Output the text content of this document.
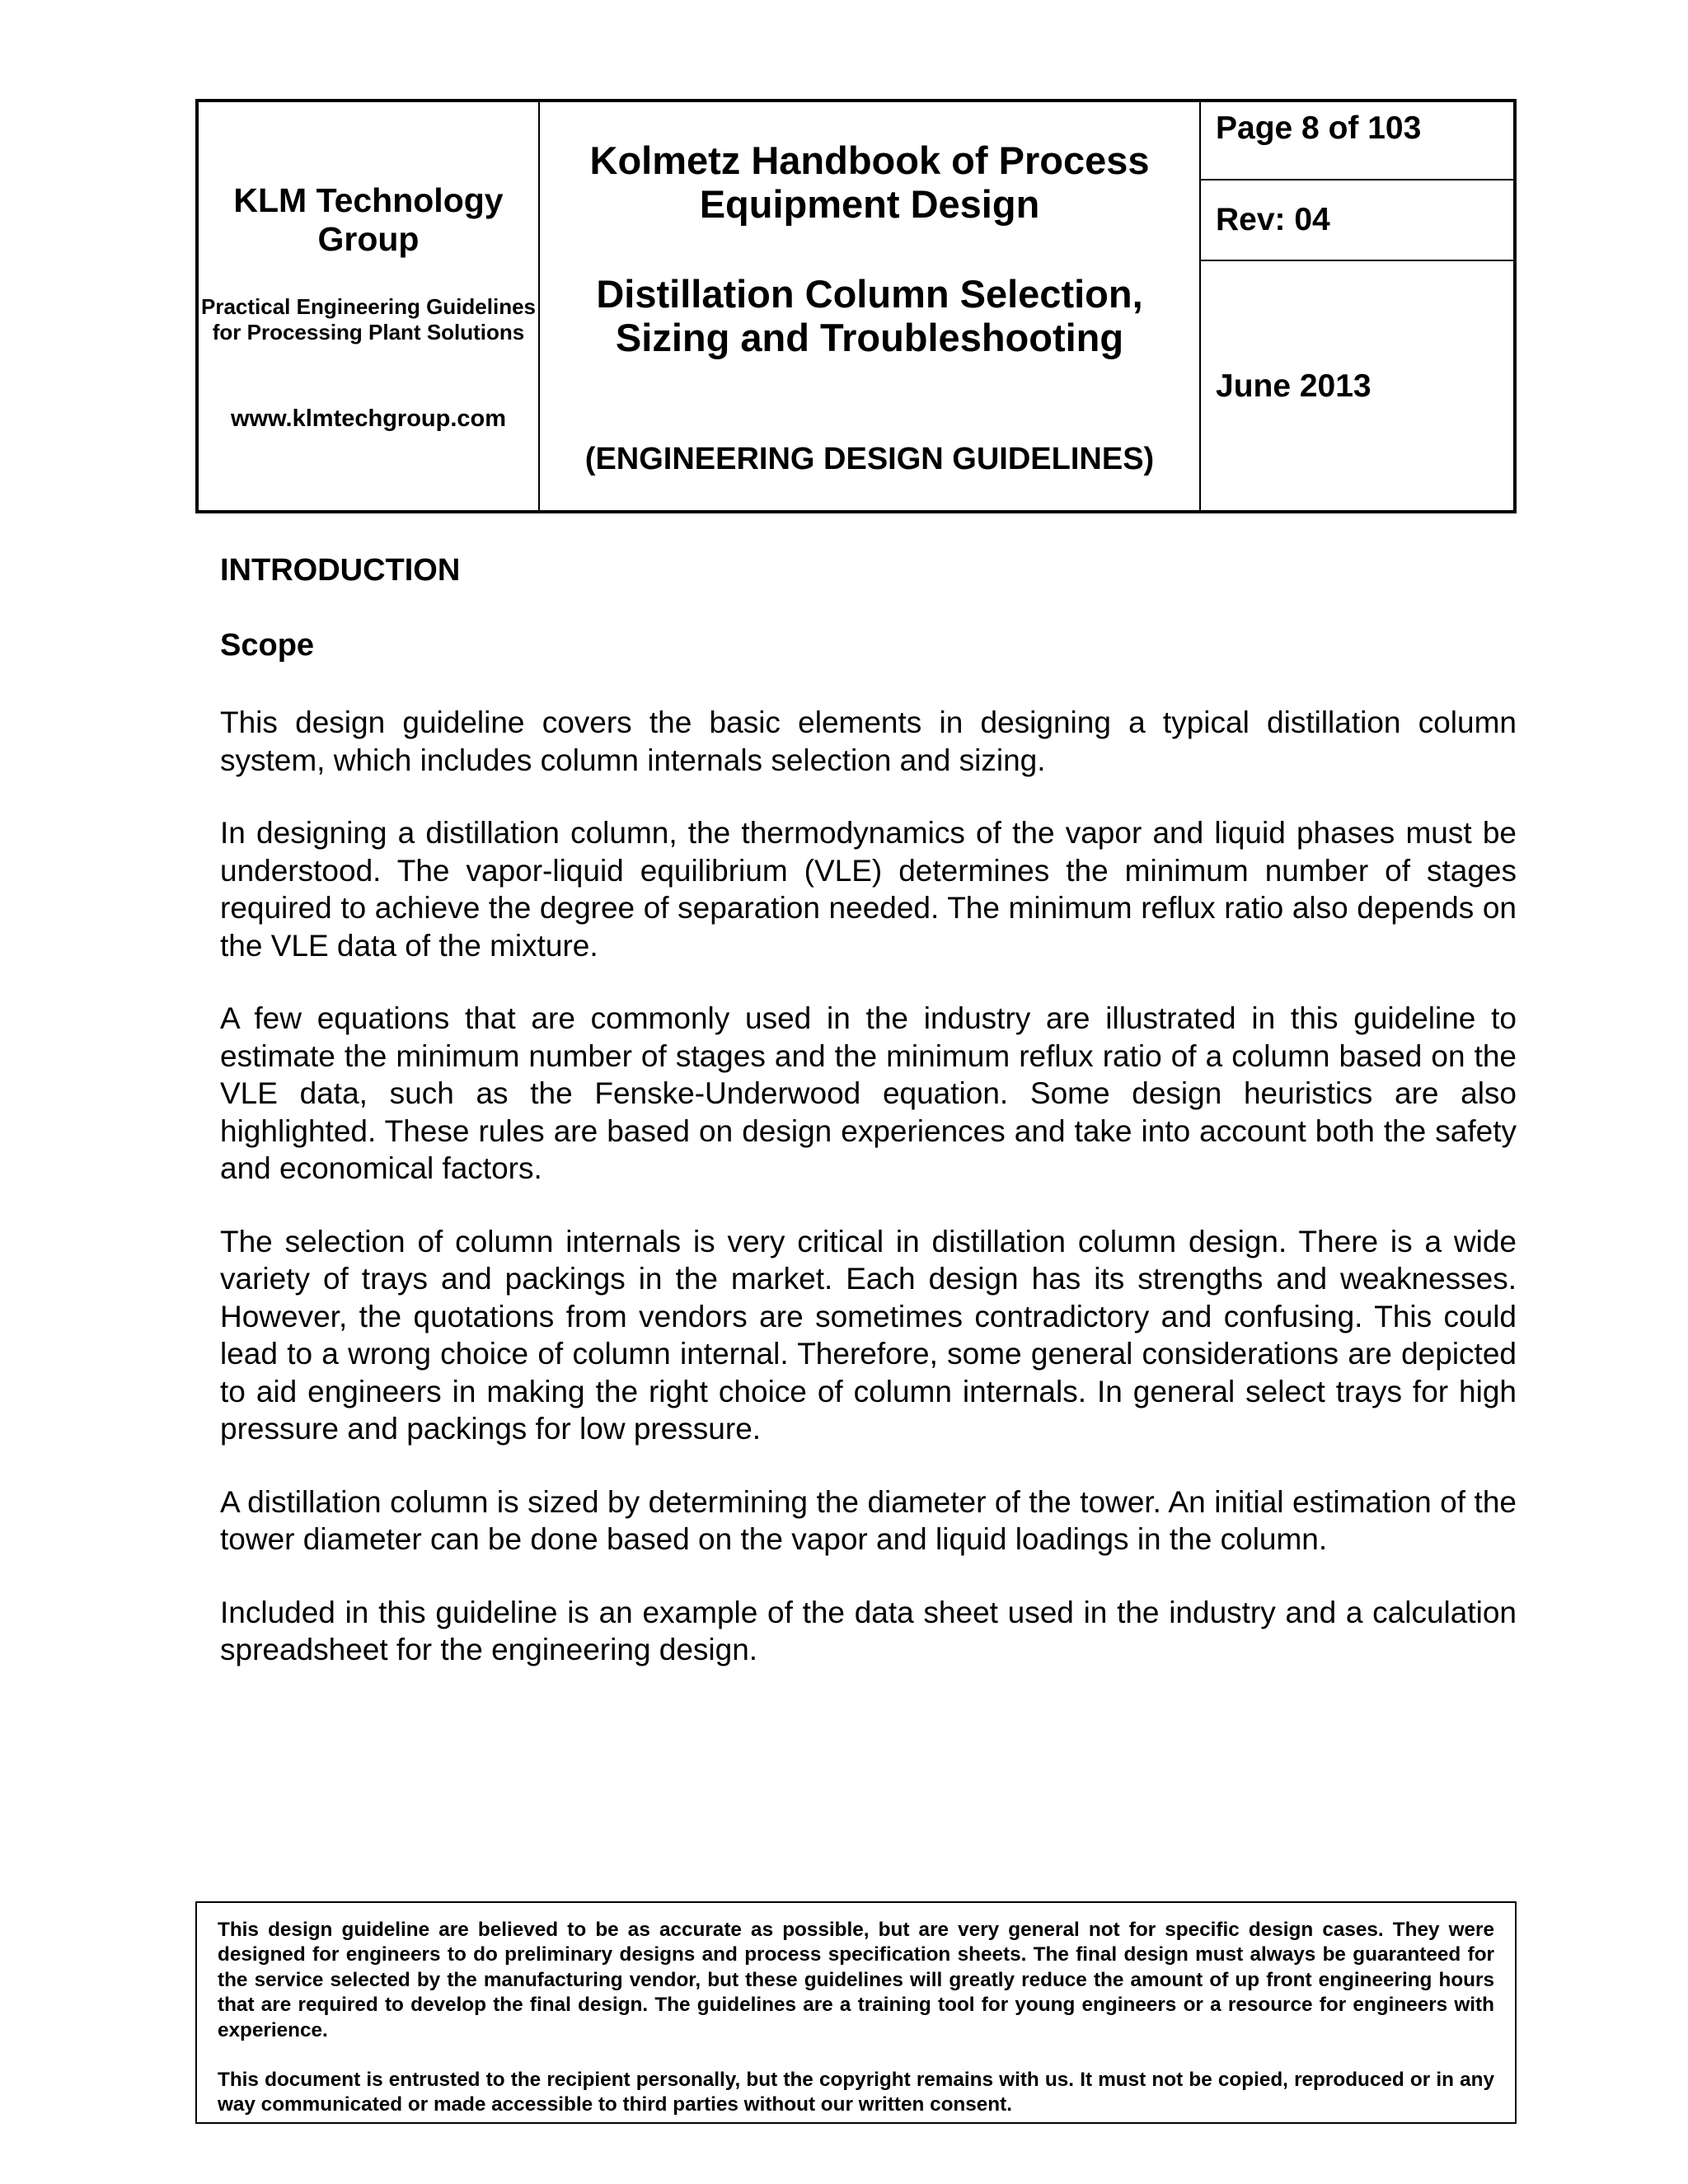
KLM Technology Group
Practical Engineering Guidelines for Processing Plant Solutions
www.klmtechgroup.com
Kolmetz Handbook of Process Equipment Design
Distillation Column Selection, Sizing and Troubleshooting
(ENGINEERING DESIGN GUIDELINES)
Page 8 of 103
Rev: 04
June 2013
INTRODUCTION
Scope

This design guideline covers the basic elements in designing a typical distillation column system, which includes column internals selection and sizing.

In designing a distillation column, the thermodynamics of the vapor and liquid phases must be understood. The vapor-liquid equilibrium (VLE) determines the minimum number of stages required to achieve the degree of separation needed. The minimum reflux ratio also depends on the VLE data of the mixture.

A few equations that are commonly used in the industry are illustrated in this guideline to estimate the minimum number of stages and the minimum reflux ratio of a column based on the VLE data, such as the Fenske-Underwood equation. Some design heuristics are also highlighted. These rules are based on design experiences and take into account both the safety and economical factors.

The selection of column internals is very critical in distillation column design. There is a wide variety of trays and packings in the market. Each design has its strengths and weaknesses. However, the quotations from vendors are sometimes contradictory and confusing. This could lead to a wrong choice of column internal. Therefore, some general considerations are depicted to aid engineers in making the right choice of column internals. In general select trays for high pressure and packings for low pressure.

A distillation column is sized by determining the diameter of the tower. An initial estimation of the tower diameter can be done based on the vapor and liquid loadings in the column.

Included in this guideline is an example of the data sheet used in the industry and a calculation spreadsheet for the engineering design.

This design guideline are believed to be as accurate as possible, but are very general not for specific design cases. They were designed for engineers to do preliminary designs and process specification sheets. The final design must always be guaranteed for the service selected by the manufacturing vendor, but these guidelines will greatly reduce the amount of up front engineering hours that are required to develop the final design. The guidelines are a training tool for young engineers or a resource for engineers with experience.

This document is entrusted to the recipient personally, but the copyright remains with us. It must not be copied, reproduced or in any way communicated or made accessible to third parties without our written consent.
